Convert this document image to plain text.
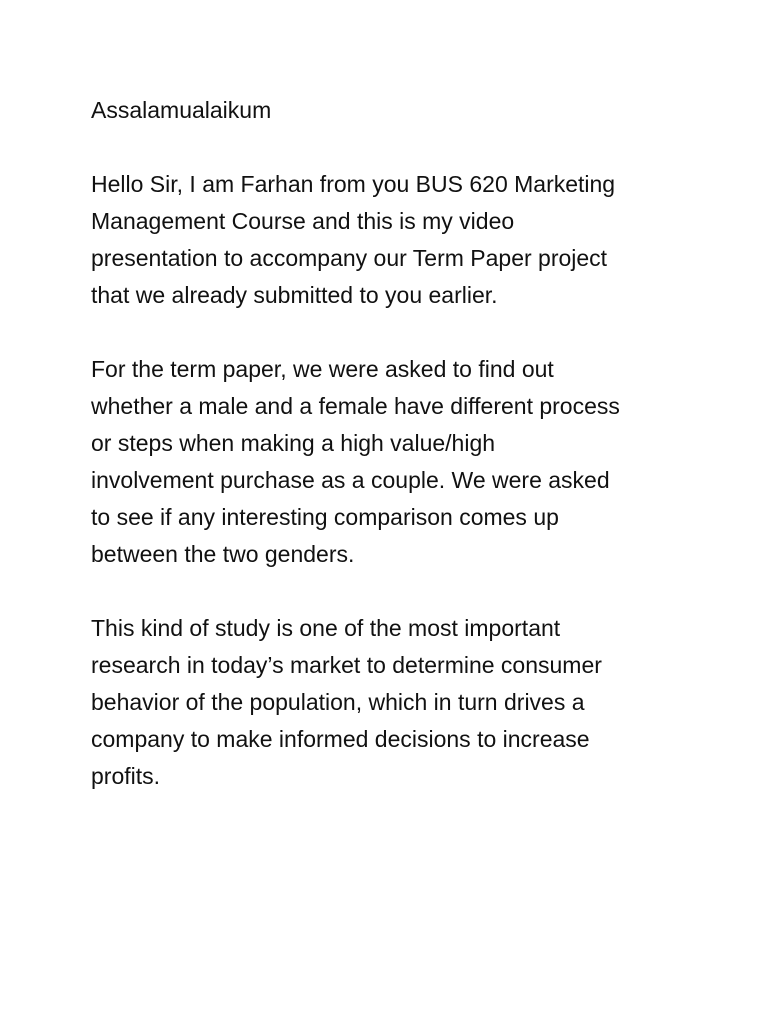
Assalamualaikum

Hello Sir, I am Farhan from you BUS 620 Marketing
Management Course and this is my video
presentation to accompany our Term Paper project
that we already submitted to you earlier.

For the term paper, we were asked to find out
whether a male and a female have different process
or steps when making a high value/high
involvement purchase as a couple. We were asked
to see if any interesting comparison comes up
between the two genders.

This kind of study is one of the most important
research in today’s market to determine consumer
behavior of the population, which in turn drives a
company to make informed decisions to increase
profits.
